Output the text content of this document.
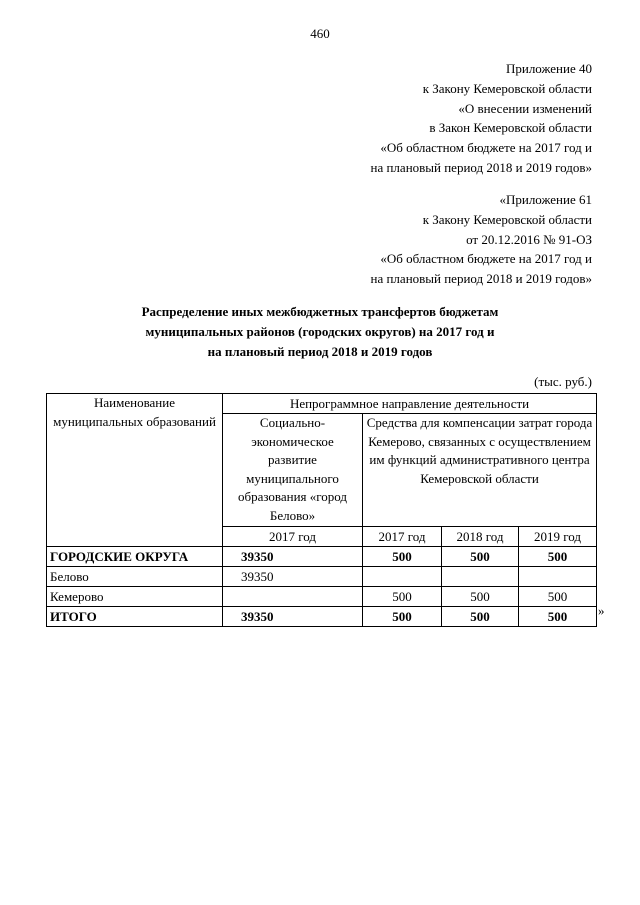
460
Приложение 40
к Закону Кемеровской области
«О внесении изменений
в Закон Кемеровской области
«Об областном бюджете на 2017 год и
на плановый период 2018 и 2019 годов»
«Приложение 61
к Закону Кемеровской области
от 20.12.2016 № 91-ОЗ
«Об областном бюджете на 2017 год и
на плановый период 2018 и 2019 годов»
Распределение иных межбюджетных трансфертов бюджетам
муниципальных районов (городских округов) на 2017 год и
на плановый период 2018 и 2019 годов
(тыс. руб.)
Наименование муниципальных образований	Непрограммное направление деятельности			
	Социально-экономическое развитие муниципального образования «город Белово»	Средства для компенсации затрат города Кемерово, связанных с осуществлением им функций административного центра Кемеровской области		
	2017 год	2017 год	2018 год	2019 год
ГОРОДСКИЕ ОКРУГА	39350	500	500	500
Белово	39350			
Кемерово		500	500	500
ИТОГО	39350	500	500	500 »
